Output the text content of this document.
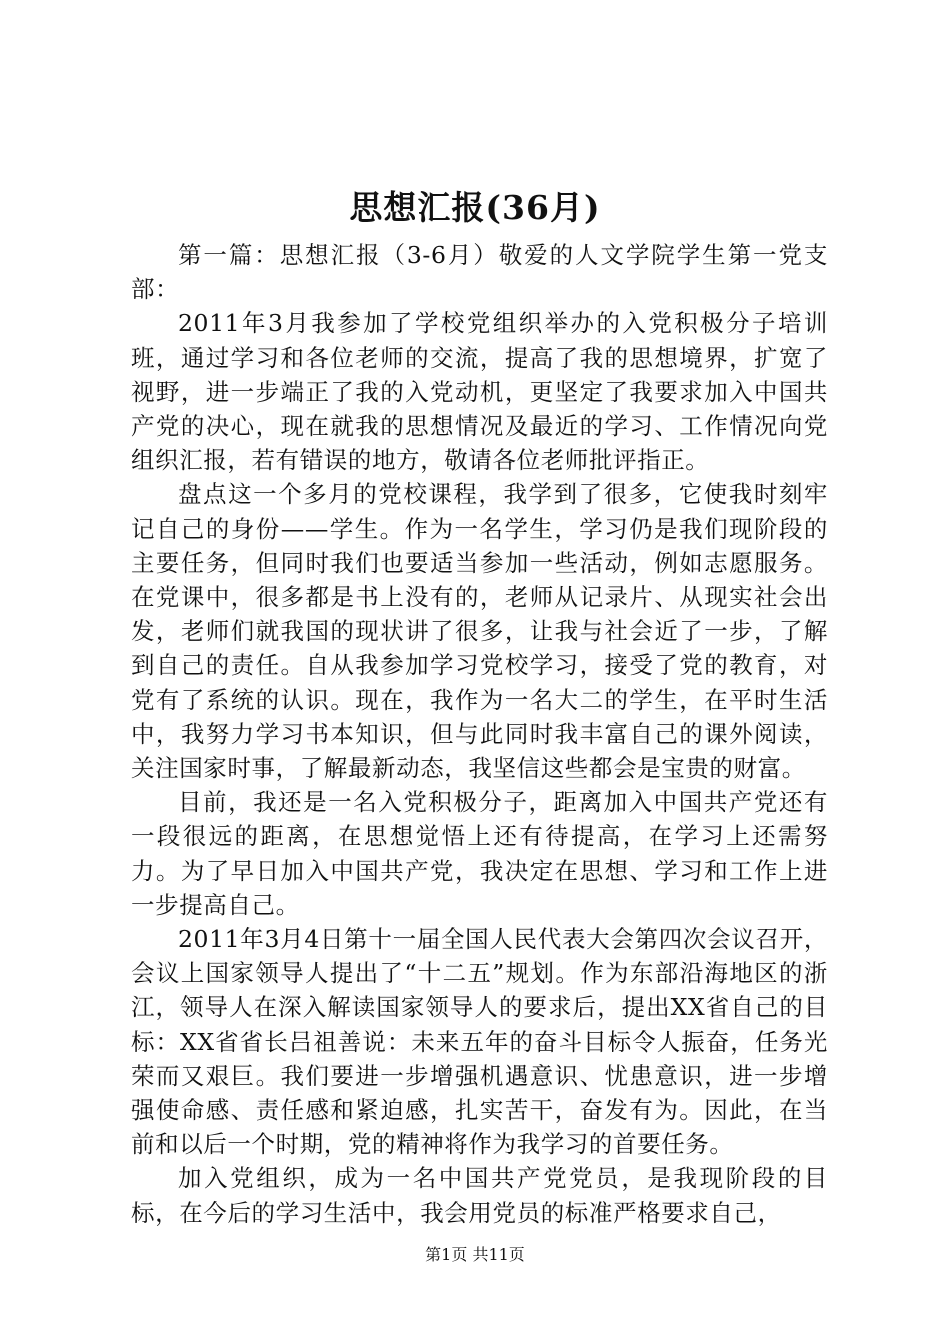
思想汇报(36月)

第一篇：思想汇报（3-6月）敬爱的人文学院学生第一党支部：

2011年3月我参加了学校党组织举办的入党积极分子培训班，通过学习和各位老师的交流，提高了我的思想境界，扩宽了视野，进一步端正了我的入党动机，更坚定了我要求加入中国共产党的决心，现在就我的思想情况及最近的学习、工作情况向党组织汇报，若有错误的地方，敬请各位老师批评指正。

盘点这一个多月的党校课程，我学到了很多，它使我时刻牢记自己的身份——学生。作为一名学生，学习仍是我们现阶段的主要任务，但同时我们也要适当参加一些活动，例如志愿服务。在党课中，很多都是书上没有的，老师从记录片、从现实社会出发，老师们就我国的现状讲了很多，让我与社会近了一步，了解到自己的责任。自从我参加学习党校学习，接受了党的教育，对党有了系统的认识。现在，我作为一名大二的学生，在平时生活中，我努力学习书本知识，但与此同时我丰富自己的课外阅读，关注国家时事，了解最新动态，我坚信这些都会是宝贵的财富。

目前，我还是一名入党积极分子，距离加入中国共产党还有一段很远的距离，在思想觉悟上还有待提高，在学习上还需努力。为了早日加入中国共产党，我决定在思想、学习和工作上进一步提高自己。

2011年3月4日第十一届全国人民代表大会第四次会议召开，会议上国家领导人提出了“十二五”规划。作为东部沿海地区的浙江，领导人在深入解读国家领导人的要求后，提出XX省自己的目标：XX省省长吕祖善说：未来五年的奋斗目标令人振奋，任务光荣而又艰巨。我们要进一步增强机遇意识、忧患意识，进一步增强使命感、责任感和紧迫感，扎实苦干，奋发有为。因此，在当前和以后一个时期，党的精神将作为我学习的首要任务。

加入党组织，成为一名中国共产党党员，是我现阶段的目标，在今后的学习生活中，我会用党员的标准严格要求自己，

第1页 共11页
